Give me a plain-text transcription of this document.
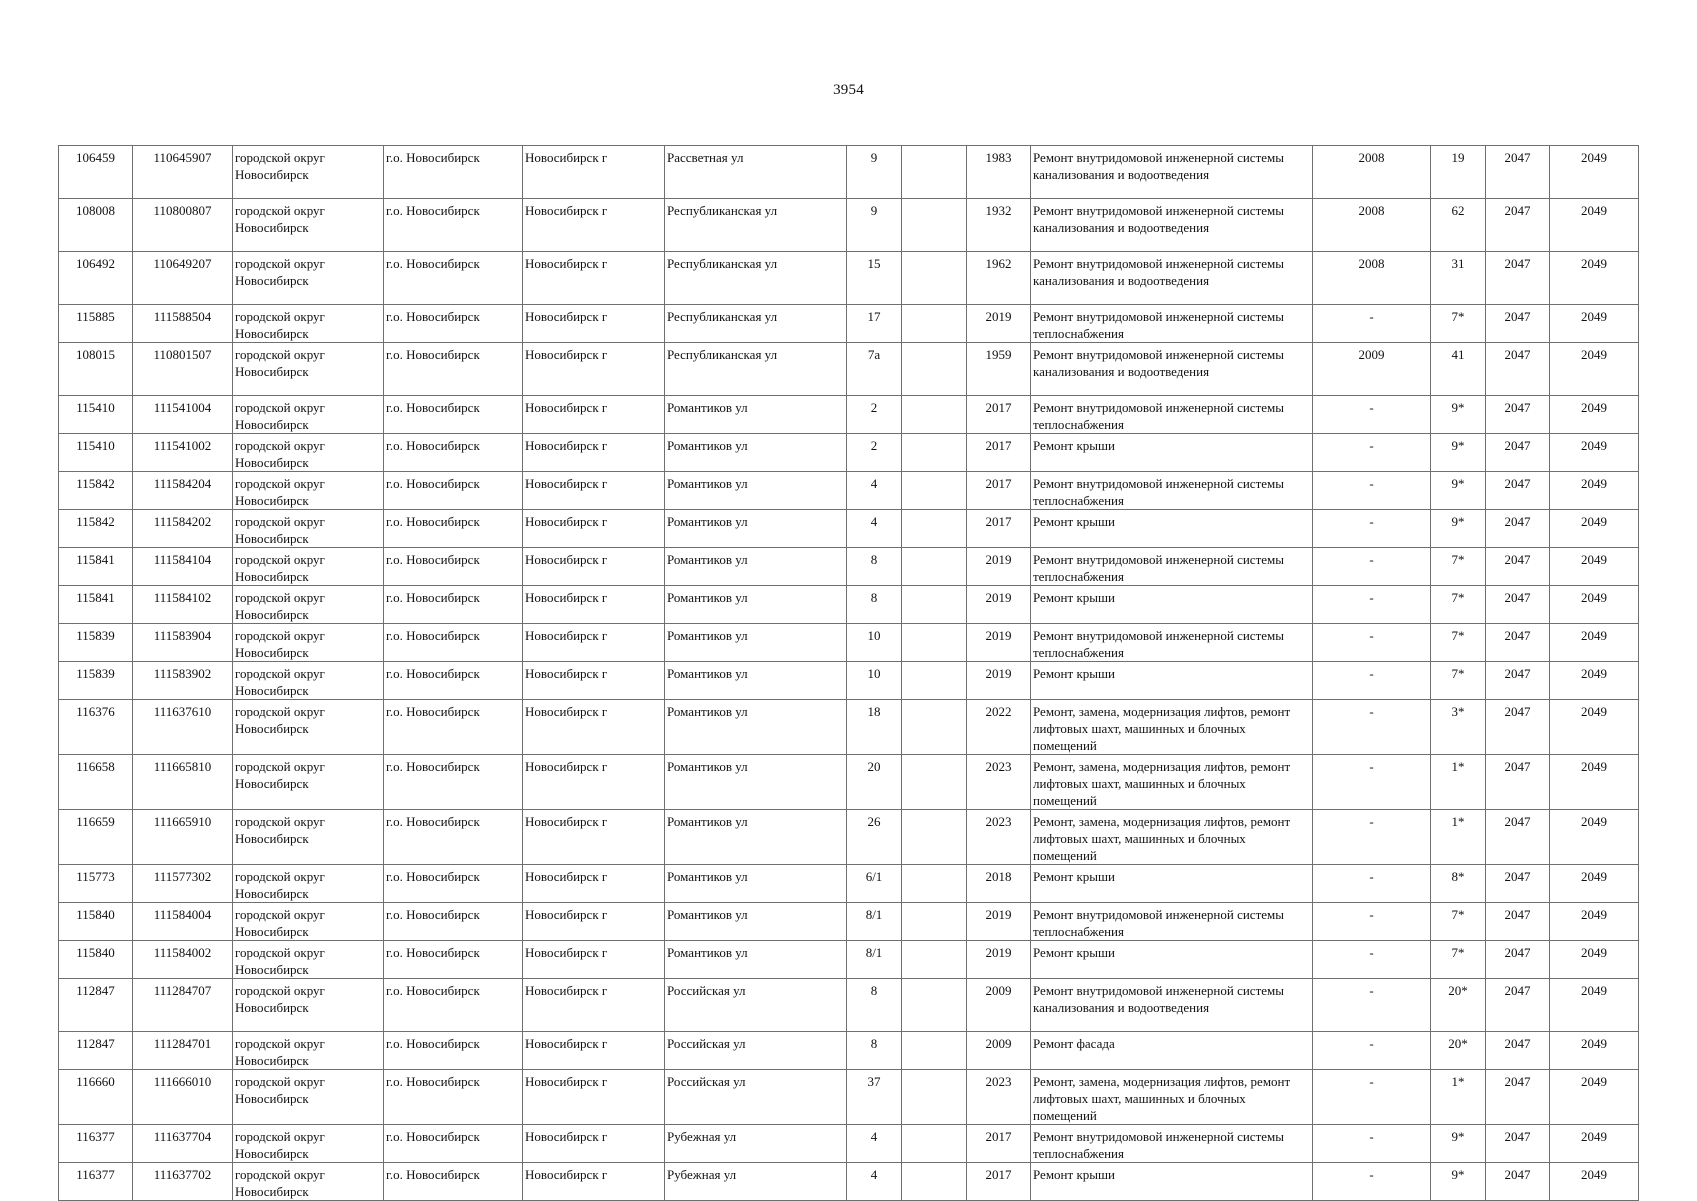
3954
106459	110645907	городской округ Новосибирск	г.о. Новосибирск	Новосибирск г	Рассветная ул	9		1983	Ремонт внутридомовой инженерной системы канализования и водоотведения	2008	19	2047	2049
108008	110800807	городской округ Новосибирск	г.о. Новосибирск	Новосибирск г	Республиканская ул	9		1932	Ремонт внутридомовой инженерной системы канализования и водоотведения	2008	62	2047	2049
106492	110649207	городской округ Новосибирск	г.о. Новосибирск	Новосибирск г	Республиканская ул	15		1962	Ремонт внутридомовой инженерной системы канализования и водоотведения	2008	31	2047	2049
115885	111588504	городской округ Новосибирск	г.о. Новосибирск	Новосибирск г	Республиканская ул	17		2019	Ремонт внутридомовой инженерной системы теплоснабжения	-	7*	2047	2049
108015	110801507	городской округ Новосибирск	г.о. Новосибирск	Новосибирск г	Республиканская ул	7а		1959	Ремонт внутридомовой инженерной системы канализования и водоотведения	2009	41	2047	2049
115410	111541004	городской округ Новосибирск	г.о. Новосибирск	Новосибирск г	Романтиков ул	2		2017	Ремонт внутридомовой инженерной системы теплоснабжения	-	9*	2047	2049
115410	111541002	городской округ Новосибирск	г.о. Новосибирск	Новосибирск г	Романтиков ул	2		2017	Ремонт крыши	-	9*	2047	2049
115842	111584204	городской округ Новосибирск	г.о. Новосибирск	Новосибирск г	Романтиков ул	4		2017	Ремонт внутридомовой инженерной системы теплоснабжения	-	9*	2047	2049
115842	111584202	городской округ Новосибирск	г.о. Новосибирск	Новосибирск г	Романтиков ул	4		2017	Ремонт крыши	-	9*	2047	2049
115841	111584104	городской округ Новосибирск	г.о. Новосибирск	Новосибирск г	Романтиков ул	8		2019	Ремонт внутридомовой инженерной системы теплоснабжения	-	7*	2047	2049
115841	111584102	городской округ Новосибирск	г.о. Новосибирск	Новосибирск г	Романтиков ул	8		2019	Ремонт крыши	-	7*	2047	2049
115839	111583904	городской округ Новосибирск	г.о. Новосибирск	Новосибирск г	Романтиков ул	10		2019	Ремонт внутридомовой инженерной системы теплоснабжения	-	7*	2047	2049
115839	111583902	городской округ Новосибирск	г.о. Новосибирск	Новосибирск г	Романтиков ул	10		2019	Ремонт крыши	-	7*	2047	2049
116376	111637610	городской округ Новосибирск	г.о. Новосибирск	Новосибирск г	Романтиков ул	18		2022	Ремонт, замена, модернизация лифтов, ремонт лифтовых шахт, машинных и блочных помещений	-	3*	2047	2049
116658	111665810	городской округ Новосибирск	г.о. Новосибирск	Новосибирск г	Романтиков ул	20		2023	Ремонт, замена, модернизация лифтов, ремонт лифтовых шахт, машинных и блочных помещений	-	1*	2047	2049
116659	111665910	городской округ Новосибирск	г.о. Новосибирск	Новосибирск г	Романтиков ул	26		2023	Ремонт, замена, модернизация лифтов, ремонт лифтовых шахт, машинных и блочных помещений	-	1*	2047	2049
115773	111577302	городской округ Новосибирск	г.о. Новосибирск	Новосибирск г	Романтиков ул	6/1		2018	Ремонт крыши	-	8*	2047	2049
115840	111584004	городской округ Новосибирск	г.о. Новосибирск	Новосибирск г	Романтиков ул	8/1		2019	Ремонт внутридомовой инженерной системы теплоснабжения	-	7*	2047	2049
115840	111584002	городской округ Новосибирск	г.о. Новосибирск	Новосибирск г	Романтиков ул	8/1		2019	Ремонт крыши	-	7*	2047	2049
112847	111284707	городской округ Новосибирск	г.о. Новосибирск	Новосибирск г	Российская ул	8		2009	Ремонт внутридомовой инженерной системы канализования и водоотведения	-	20*	2047	2049
112847	111284701	городской округ Новосибирск	г.о. Новосибирск	Новосибирск г	Российская ул	8		2009	Ремонт фасада	-	20*	2047	2049
116660	111666010	городской округ Новосибирск	г.о. Новосибирск	Новосибирск г	Российская ул	37		2023	Ремонт, замена, модернизация лифтов, ремонт лифтовых шахт, машинных и блочных помещений	-	1*	2047	2049
116377	111637704	городской округ Новосибирск	г.о. Новосибирск	Новосибирск г	Рубежная ул	4		2017	Ремонт внутридомовой инженерной системы теплоснабжения	-	9*	2047	2049
116377	111637702	городской округ Новосибирск	г.о. Новосибирск	Новосибирск г	Рубежная ул	4		2017	Ремонт крыши	-	9*	2047	2049
